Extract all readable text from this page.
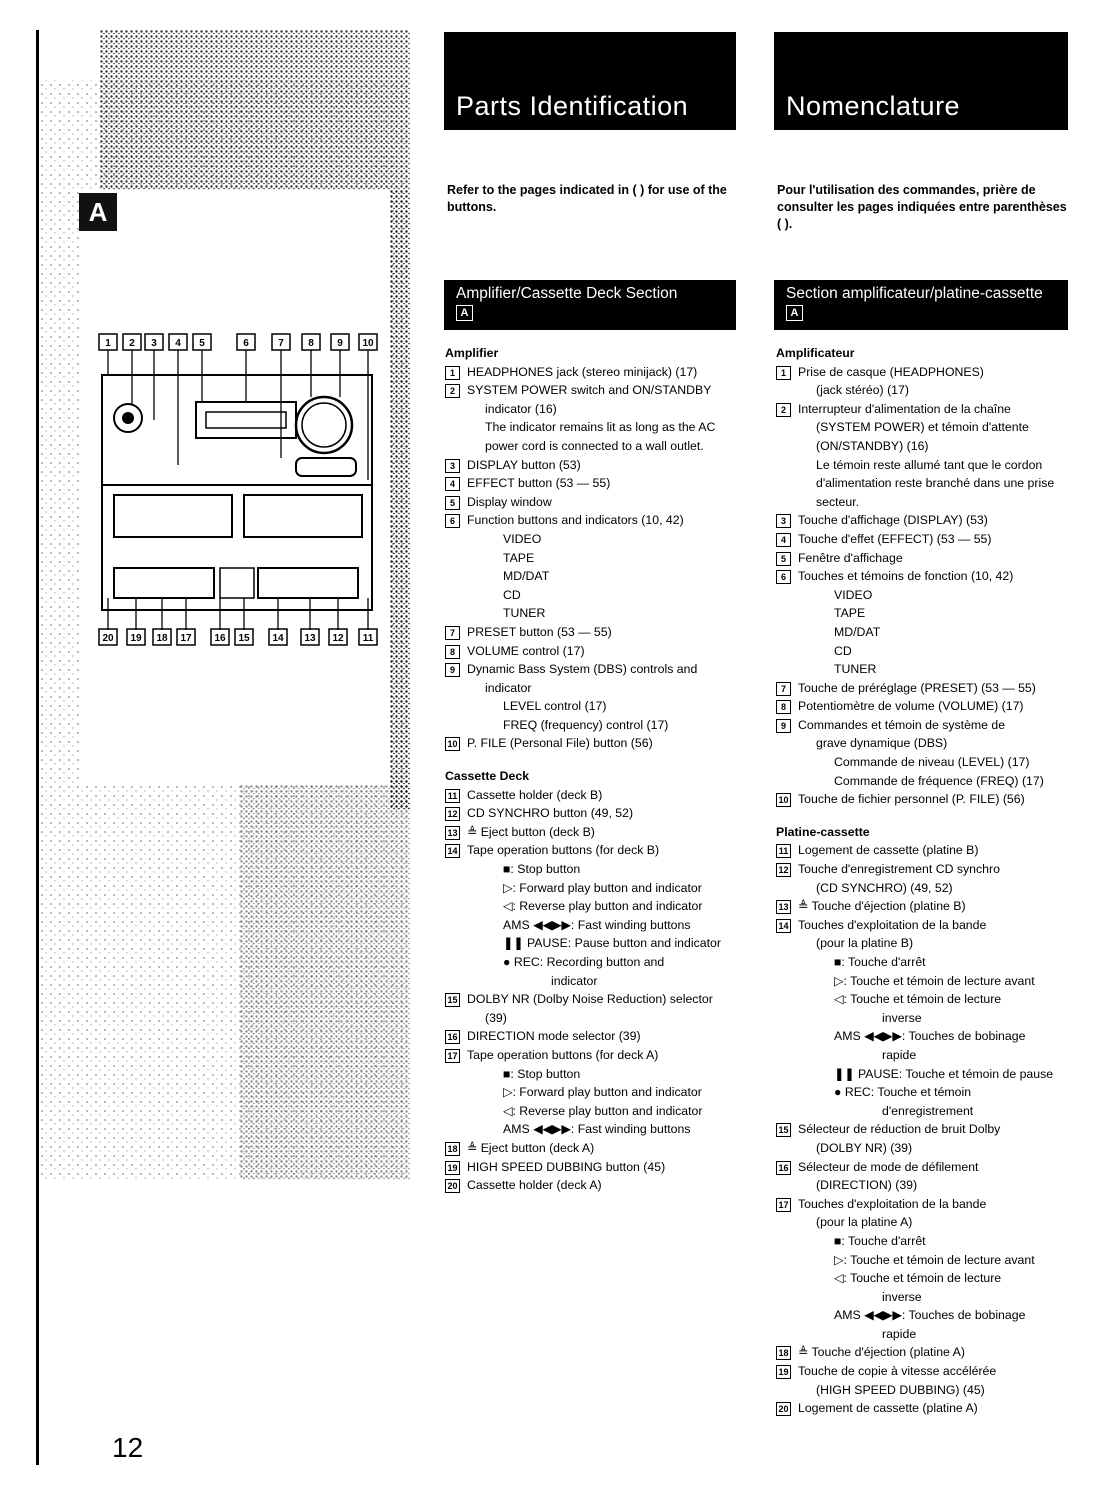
A
1 2 3 4 5	6	7 8 9 10
20 19 18 17 16 15 14 13 12 11
Parts Identification	Nomenclature
Refer to the pages indicated in ( ) for use of the buttons.
Pour l'utilisation des commandes, prière de consulter les pages indiquées entre parenthèses ( ).
Amplifier/Cassette Deck Section
A
Section amplificateur/platine-cassette A
Amplifier
1 HEADPHONES jack (stereo minijack) (17)
2 SYSTEM POWER switch and ON/STANDBY
indicator (16)
The indicator remains lit as long as the AC
power cord is connected to a wall outlet.
3 DISPLAY button (53)
4 EFFECT button (53 — 55)
5 Display window
6 Function buttons and indicators (10, 42)
VIDEO
TAPE
MD/DAT
CD
TUNER
7 PRESET button (53 — 55)
8 VOLUME control (17)
9 Dynamic Bass System (DBS) controls and
indicator
LEVEL control (17)
FREQ (frequency) control (17)
10 P. FILE (Personal File) button (56)
Cassette Deck
11 Cassette holder (deck B)
12 CD SYNCHRO button (49, 52)
13 ≜ Eject button (deck B)
14 Tape operation buttons (for deck B)
■: Stop button
▷: Forward play button and indicator
◁: Reverse play button and indicator
AMS ◀◀▶▶: Fast winding buttons
❚❚ PAUSE: Pause button and indicator
● REC: Recording button and
indicator
15 DOLBY NR (Dolby Noise Reduction) selector
(39)
16 DIRECTION mode selector (39)
17 Tape operation buttons (for deck A)
■: Stop button
▷: Forward play button and indicator
◁: Reverse play button and indicator
AMS ◀◀▶▶: Fast winding buttons
18 ≜ Eject button (deck A)
19 HIGH SPEED DUBBING button (45)
20 Cassette holder (deck A)
Amplificateur
1 Prise de casque (HEADPHONES)
(jack stéréo) (17)
2 Interrupteur d'alimentation de la chaîne
(SYSTEM POWER) et témoin d'attente
(ON/STANDBY) (16)
Le témoin reste allumé tant que le cordon
d'alimentation reste branché dans une prise
secteur.
3 Touche d'affichage (DISPLAY) (53)
4 Touche d'effet (EFFECT) (53 — 55)
5 Fenêtre d'affichage
6 Touches et témoins de fonction (10, 42)
VIDEO
TAPE
MD/DAT
CD
TUNER
7 Touche de préréglage (PRESET) (53 — 55)
8 Potentiomètre de volume (VOLUME) (17)
9 Commandes et témoin de système de
grave dynamique (DBS)
Commande de niveau (LEVEL) (17)
Commande de fréquence (FREQ) (17)
10 Touche de fichier personnel (P. FILE) (56)
Platine-cassette
11 Logement de cassette (platine B)
12 Touche d'enregistrement CD synchro
(CD SYNCHRO) (49, 52)
13 ≜ Touche d'éjection (platine B)
14 Touches d'exploitation de la bande
(pour la platine B)
■: Touche d'arrêt
▷: Touche et témoin de lecture avant
◁: Touche et témoin de lecture
inverse
AMS ◀◀▶▶: Touches de bobinage
rapide
❚❚ PAUSE: Touche et témoin de pause
● REC: Touche et témoin
d'enregistrement
15 Sélecteur de réduction de bruit Dolby
(DOLBY NR) (39)
16 Sélecteur de mode de défilement
(DIRECTION) (39)
17 Touches d'exploitation de la bande
(pour la platine A)
■: Touche d'arrêt
▷: Touche et témoin de lecture avant
◁: Touche et témoin de lecture
inverse
AMS ◀◀▶▶: Touches de bobinage
rapide
18 ≜ Touche d'éjection (platine A)
19 Touche de copie à vitesse accélérée
(HIGH SPEED DUBBING) (45)
20 Logement de cassette (platine A)
12
